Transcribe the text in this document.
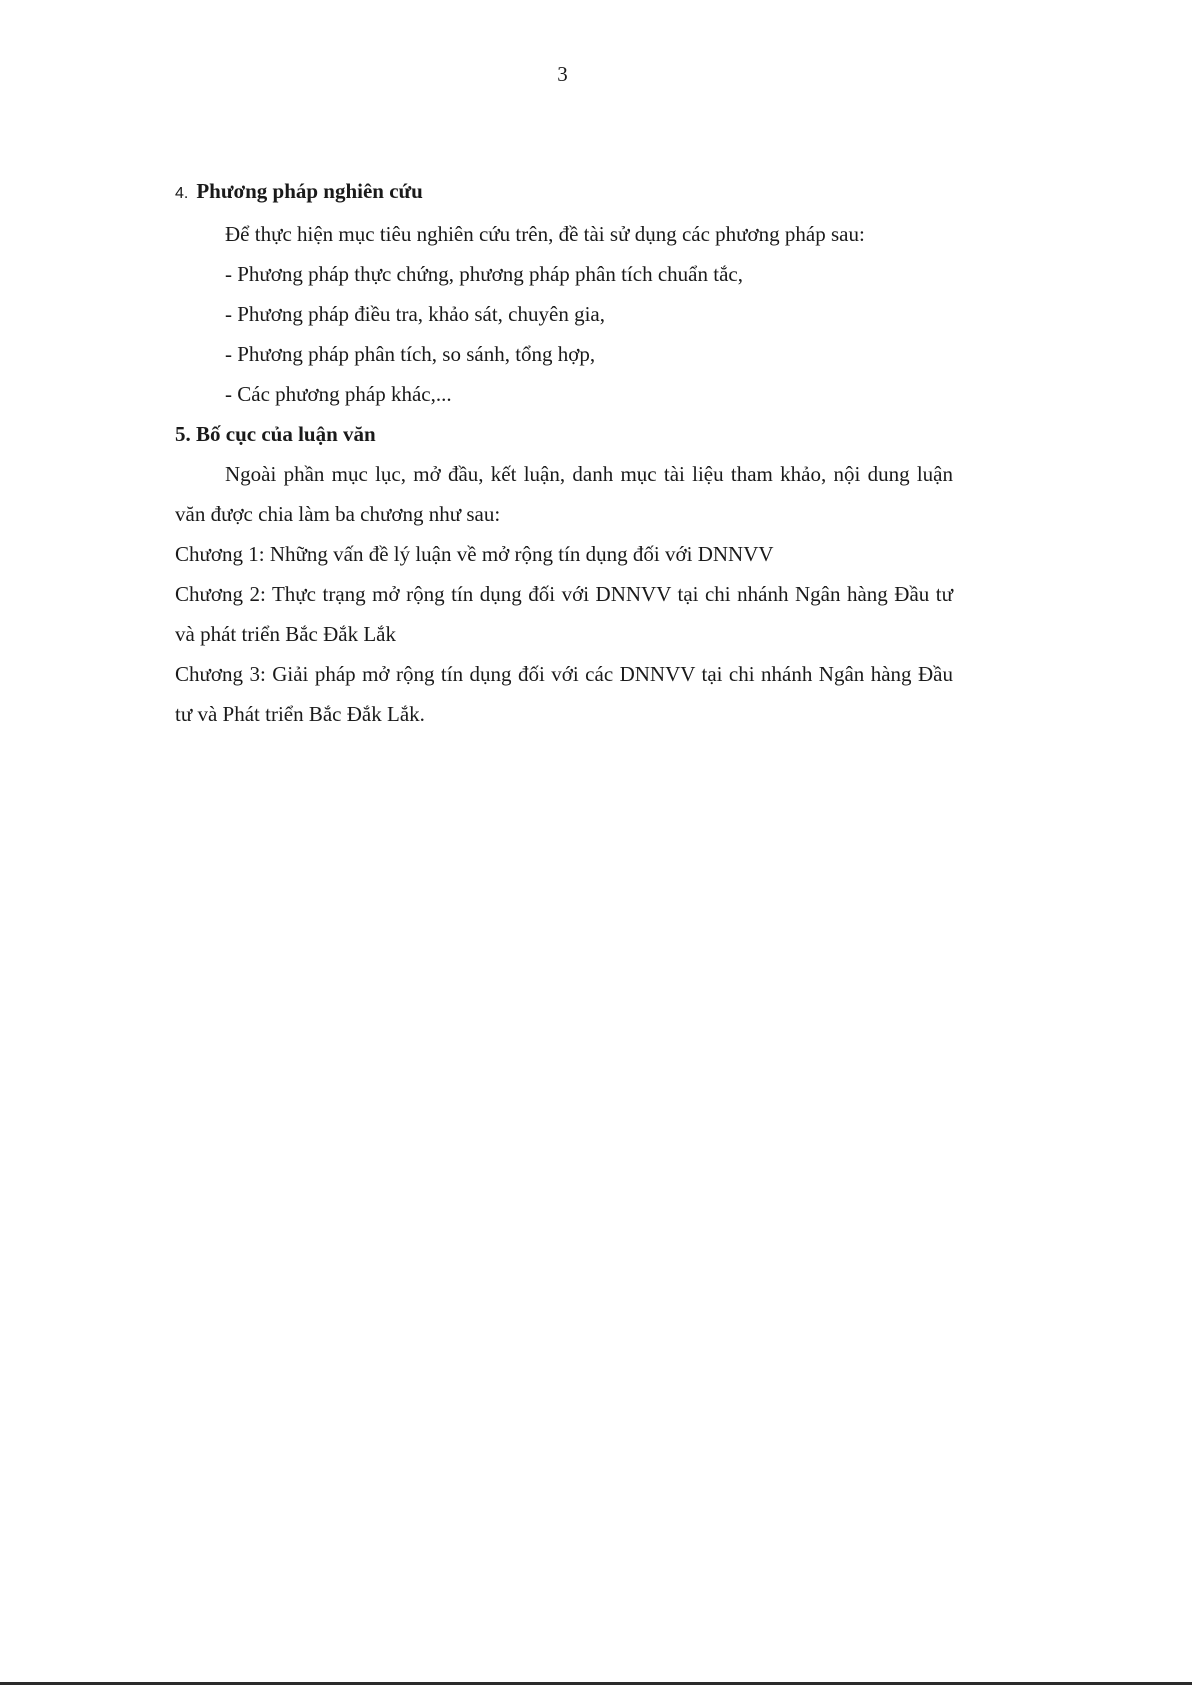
3

4. Phương pháp nghiên cứu

Để thực hiện mục tiêu nghiên cứu trên, đề tài sử dụng các phương pháp sau:

- Phương pháp thực chứng, phương pháp phân tích chuẩn tắc,

- Phương pháp điều tra, khảo sát, chuyên gia,

- Phương pháp phân tích, so sánh, tổng hợp,

- Các phương pháp khác,...

5. Bố cục của luận văn

Ngoài phần mục lục, mở đầu, kết luận, danh mục tài liệu tham khảo, nội dung luận văn được chia làm ba chương như sau:

Chương 1: Những vấn đề lý luận về mở rộng tín dụng đối với DNNVV

Chương 2: Thực trạng mở rộng tín dụng đối với DNNVV tại chi nhánh Ngân hàng Đầu tư và phát triển Bắc Đắk Lắk

Chương 3: Giải pháp mở rộng tín dụng đối với các DNNVV tại chi nhánh Ngân hàng Đầu tư và Phát triển Bắc Đắk Lắk.
